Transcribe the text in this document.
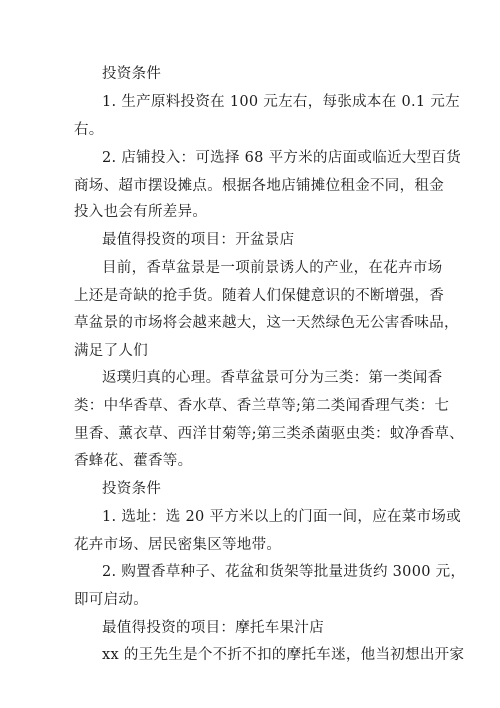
投资条件
1. 生产原料投资在 100 元左右，每张成本在 0.1 元左
右。
2. 店铺投入：可选择 68 平方米的店面或临近大型百货
商场、超市摆设摊点。根据各地店铺摊位租金不同，租金
投入也会有所差异。
最值得投资的项目：开盆景店
目前，香草盆景是一项前景诱人的产业，在花卉市场
上还是奇缺的抢手货。随着人们保健意识的不断增强，香
草盆景的市场将会越来越大，这一天然绿色无公害香味品，
满足了人们
返璞归真的心理。香草盆景可分为三类：第一类闻香
类：中华香草、香水草、香兰草等;第二类闻香理气类：七
里香、薰衣草、西洋甘菊等;第三类杀菌驱虫类：蚊净香草、
香蜂花、藿香等。
投资条件
1. 选址：选 20 平方米以上的门面一间，应在菜市场或
花卉市场、居民密集区等地带。
2. 购置香草种子、花盆和货架等批量进货约 3000 元，
即可启动。
最值得投资的项目：摩托车果汁店
xx 的王先生是个不折不扣的摩托车迷，他当初想出开家
